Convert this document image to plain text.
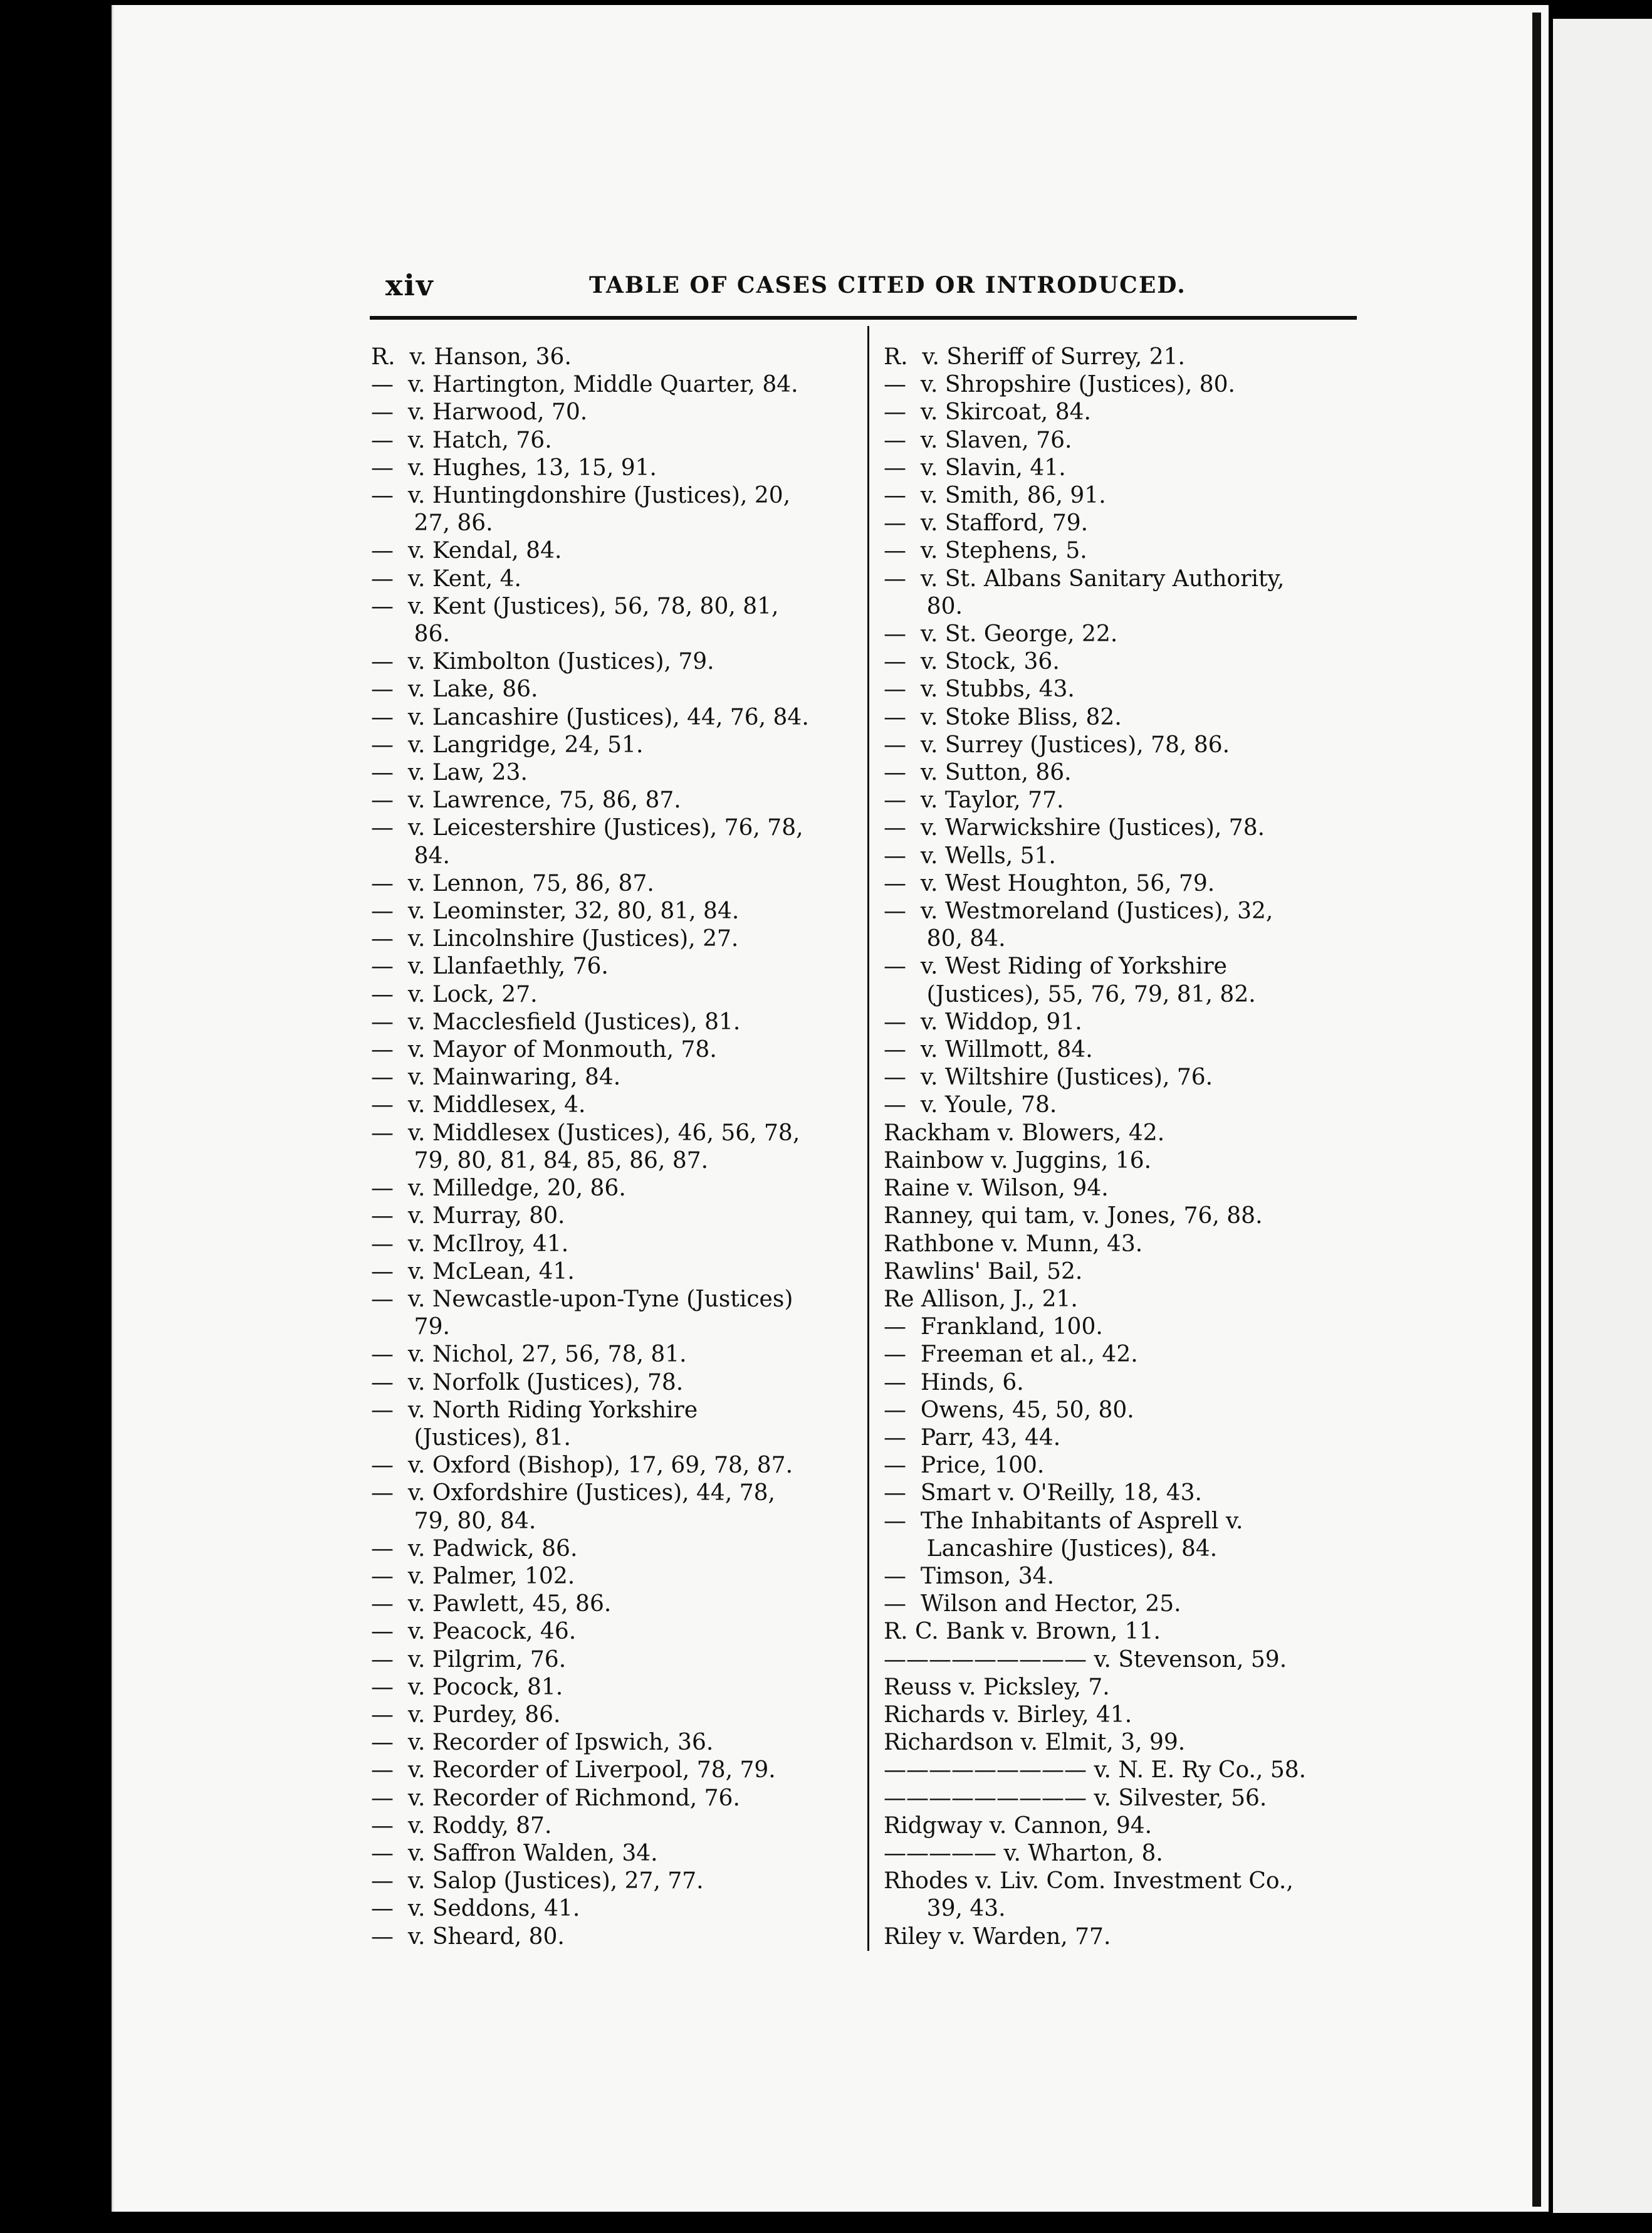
xiv	TABLE OF CASES CITED OR INTRODUCED.

R.  v. Hanson, 36.

—  v. Hartington, Middle Quarter, 84.

—  v. Harwood, 70.

—  v. Hatch, 76.

—  v. Hughes, 13, 15, 91.

—  v. Huntingdonshire (Justices), 20,

27, 86.

—  v. Kendal, 84.

—  v. Kent, 4.

—  v. Kent (Justices), 56, 78, 80, 81,

86.

—  v. Kimbolton (Justices), 79.

—  v. Lake, 86.

—  v. Lancashire (Justices), 44, 76, 84.

—  v. Langridge, 24, 51.

—  v. Law, 23.

—  v. Lawrence, 75, 86, 87.

—  v. Leicestershire (Justices), 76, 78,

84.

—  v. Lennon, 75, 86, 87.

—  v. Leominster, 32, 80, 81, 84.

—  v. Lincolnshire (Justices), 27.

—  v. Llanfaethly, 76.

—  v. Lock, 27.

—  v. Macclesfield (Justices), 81.

—  v. Mayor of Monmouth, 78.

—  v. Mainwaring, 84.

—  v. Middlesex, 4.

—  v. Middlesex (Justices), 46, 56, 78,

79, 80, 81, 84, 85, 86, 87.

—  v. Milledge, 20, 86.

—  v. Murray, 80.

—  v. McIlroy, 41.

—  v. McLean, 41.

—  v. Newcastle-upon-Tyne (Justices)

79.

—  v. Nichol, 27, 56, 78, 81.

—  v. Norfolk (Justices), 78.

—  v. North Riding Yorkshire

(Justices), 81.

—  v. Oxford (Bishop), 17, 69, 78, 87.

—  v. Oxfordshire (Justices), 44, 78,

79, 80, 84.

—  v. Padwick, 86.

—  v. Palmer, 102.

—  v. Pawlett, 45, 86.

—  v. Peacock, 46.

—  v. Pilgrim, 76.

—  v. Pocock, 81.

—  v. Purdey, 86.

—  v. Recorder of Ipswich, 36.

—  v. Recorder of Liverpool, 78, 79.

—  v. Recorder of Richmond, 76.

—  v. Roddy, 87.

—  v. Saffron Walden, 34.

—  v. Salop (Justices), 27, 77.

—  v. Seddons, 41.

—  v. Sheard, 80.

R.  v. Sheriff of Surrey, 21.

—  v. Shropshire (Justices), 80.

—  v. Skircoat, 84.

—  v. Slaven, 76.

—  v. Slavin, 41.

—  v. Smith, 86, 91.

—  v. Stafford, 79.

—  v. Stephens, 5.

—  v. St. Albans Sanitary Authority,

80.

—  v. St. George, 22.

—  v. Stock, 36.

—  v. Stubbs, 43.

—  v. Stoke Bliss, 82.

—  v. Surrey (Justices), 78, 86.

—  v. Sutton, 86.

—  v. Taylor, 77.

—  v. Warwickshire (Justices), 78.

—  v. Wells, 51.

—  v. West Houghton, 56, 79.

—  v. Westmoreland (Justices), 32,

80, 84.

—  v. West Riding of Yorkshire

(Justices), 55, 76, 79, 81, 82.

—  v. Widdop, 91.

—  v. Willmott, 84.

—  v. Wiltshire (Justices), 76.

—  v. Youle, 78.

Rackham v. Blowers, 42.

Rainbow v. Juggins, 16.

Raine v. Wilson, 94.

Ranney, qui tam, v. Jones, 76, 88.

Rathbone v. Munn, 43.

Rawlins' Bail, 52.

Re Allison, J., 21.

—  Frankland, 100.

—  Freeman et al., 42.

—  Hinds, 6.

—  Owens, 45, 50, 80.

—  Parr, 43, 44.

—  Price, 100.

—  Smart v. O'Reilly, 18, 43.

—  The Inhabitants of Asprell v.

Lancashire (Justices), 84.

—  Timson, 34.

—  Wilson and Hector, 25.

R. C. Bank v. Brown, 11.

————————— v. Stevenson, 59.

Reuss v. Picksley, 7.

Richards v. Birley, 41.

Richardson v. Elmit, 3, 99.

————————— v. N. E. Ry Co., 58.

————————— v. Silvester, 56.

Ridgway v. Cannon, 94.

————— v. Wharton, 8.

Rhodes v. Liv. Com. Investment Co.,

39, 43.

Riley v. Warden, 77.
